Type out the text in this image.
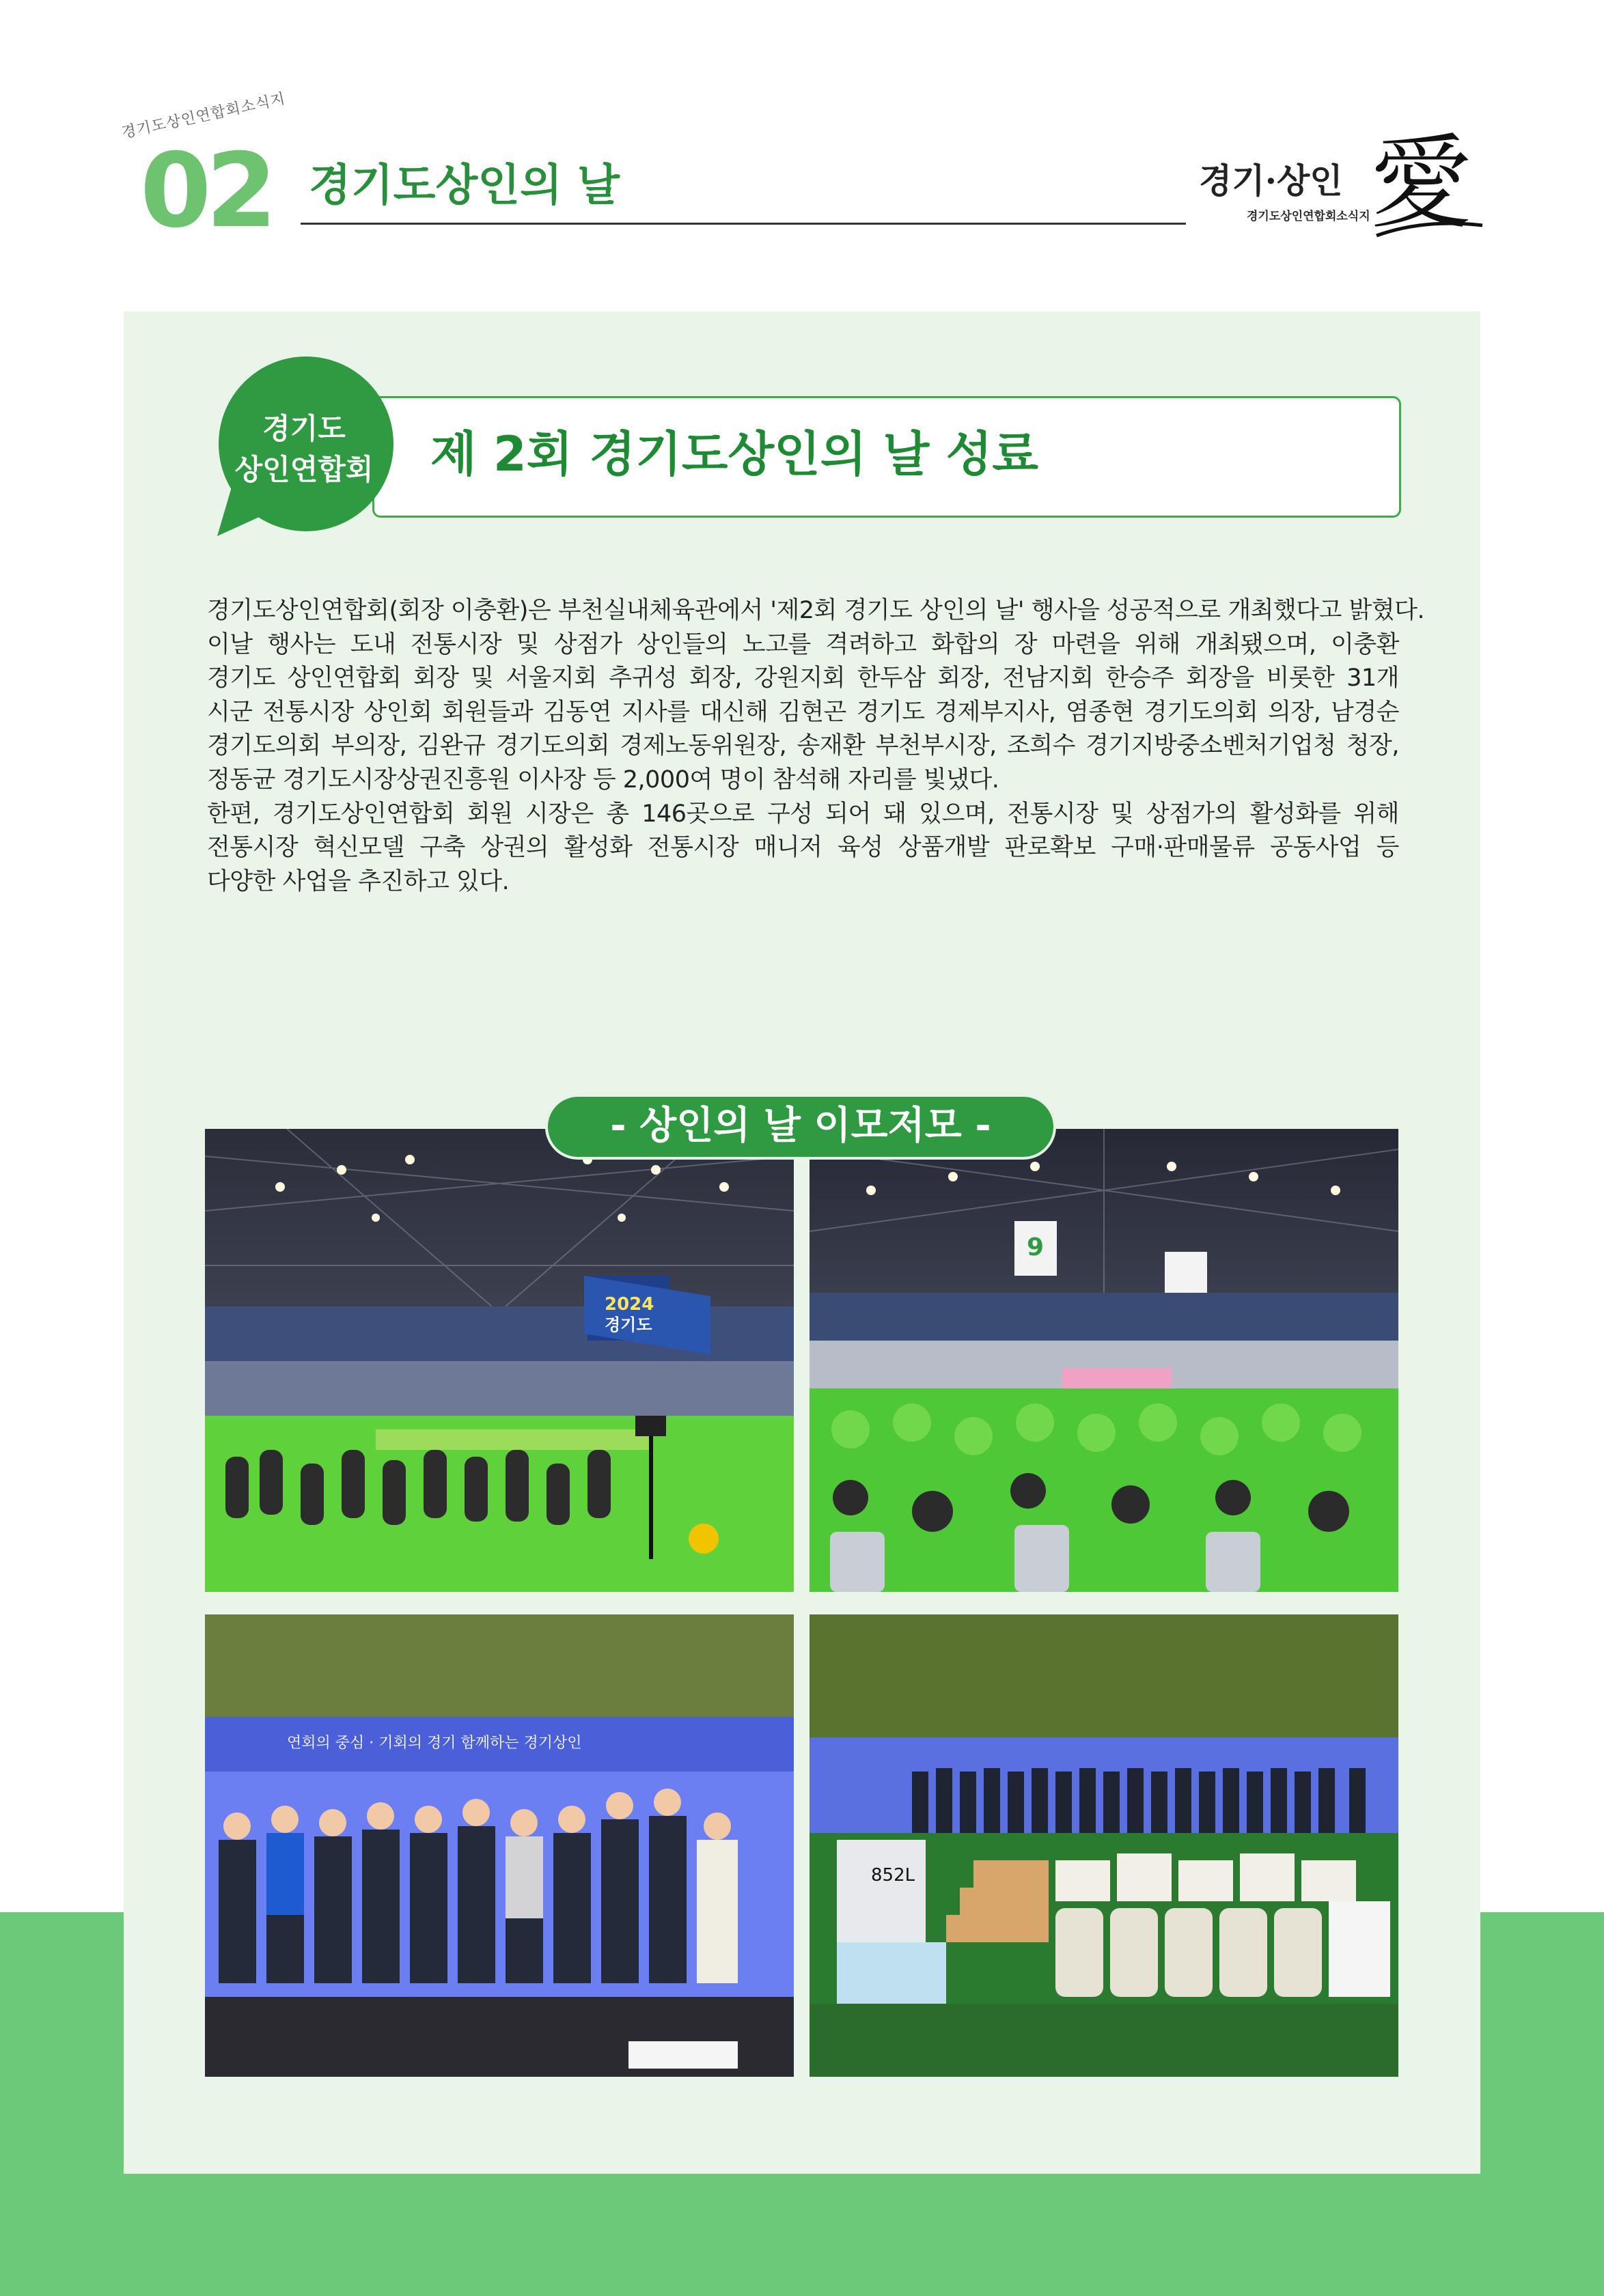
경기도상인연합회소식지
02 경기도상인의 날	경기·상인
경기도상인연합회소식지 愛
제 2회 경기도상인의 날 성료
경기도
상인연합회

경기도상인연합회(회장 이충환)은 부천실내체육관에서 '제2회 경기도 상인의 날' 행사을 성공적으로 개최했다고 밝혔다.

이날 행사는 도내 전통시장 및 상점가 상인들의 노고를 격려하고 화합의 장 마련을 위해 개최됐으며, 이충환

경기도 상인연합회 회장 및 서울지회 추귀성 회장, 강원지회 한두삼 회장, 전남지회 한승주 회장을 비롯한 31개

시군 전통시장 상인회 회원들과 김동연 지사를 대신해 김현곤 경기도 경제부지사, 염종현 경기도의회 의장, 남경순

경기도의회 부의장, 김완규 경기도의회 경제노동위원장, 송재환 부천부시장, 조희수 경기지방중소벤처기업청 청장,

정동균 경기도시장상권진흥원 이사장 등 2,000여 명이 참석해 자리를 빛냈다.

한편, 경기도상인연합회 회원 시장은 총 146곳으로 구성 되어 돼 있으며, 전통시장 및 상점가의 활성화를 위해

전통시장 혁신모델 구축 상권의 활성화 전통시장 매니저 육성 상품개발 판로확보 구매·판매물류 공동사업 등

다양한 사업을 추진하고 있다.

2024
경기도
9
연회의 중심 · 기회의 경기 함께하는 경기상인
852L
- 상인의 날 이모저모 -
